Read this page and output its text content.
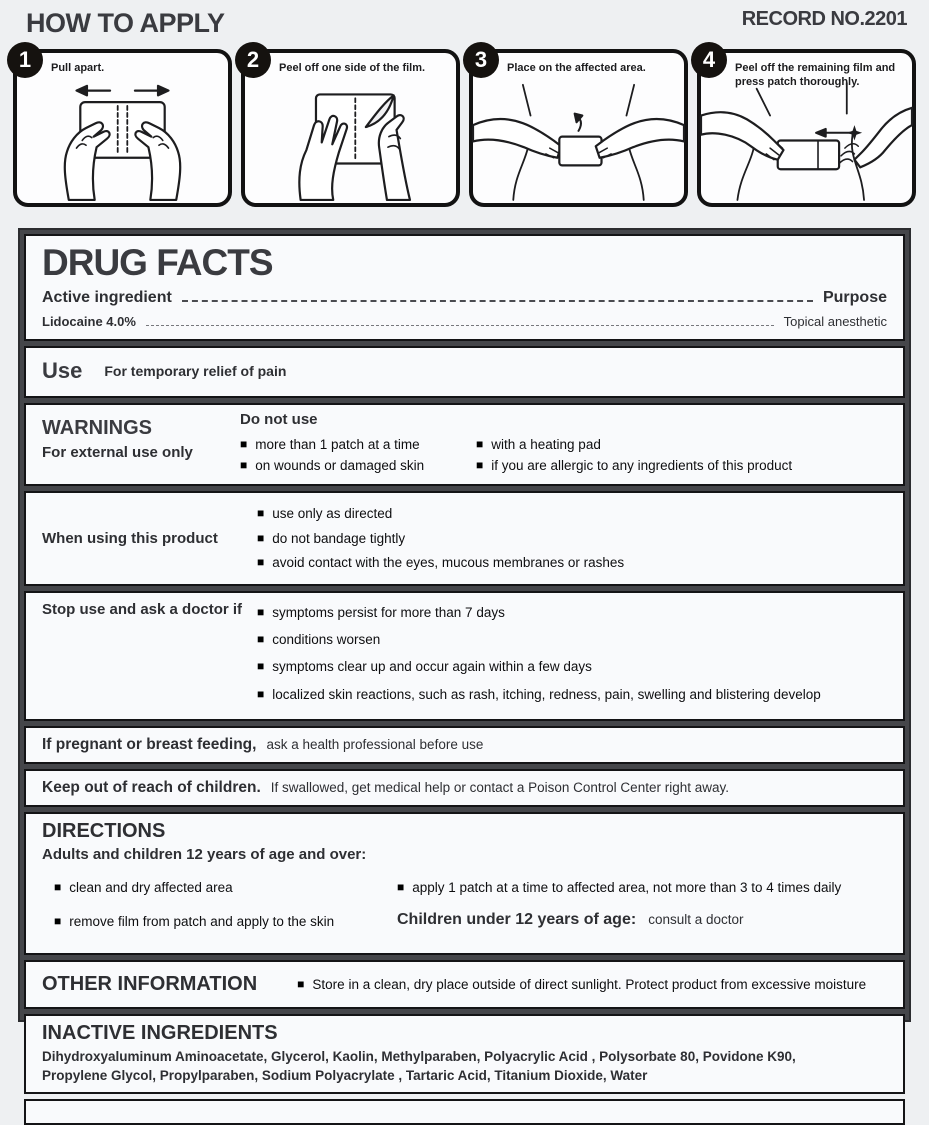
HOW TO APPLY	RECORD NO.2201
1	Pull apart.	2	Peel off one side of the film.	3	Place on the affected area.	4	Peel off the remaining film and press patch thoroughly.
DRUG FACTS
Active ingredient	Purpose
Lidocaine 4.0%	Topical anesthetic
Use For temporary relief of pain
WARNINGS
For external use only
Do not use
■ more than 1 patch at a time
■ on wounds or damaged skin
■ with a heating pad
■ if you are allergic to any ingredients of this product
When using this product
■ use only as directed
■ do not bandage tightly
■ avoid contact with the eyes, mucous membranes or rashes
Stop use and ask a doctor if	■ symptoms persist for more than 7 days
■ conditions worsen
■ symptoms clear up and occur again within a few days
■ localized skin reactions, such as rash, itching, redness, pain, swelling and blistering develop
If pregnant or breast feeding, ask a health professional before use
Keep out of reach of children. If swallowed, get medical help or contact a Poison Control Center right away.
DIRECTIONS
Adults and children 12 years of age and over:
■ clean and dry affected area
■ remove film from patch and apply to the skin
■ apply 1 patch at a time to affected area, not more than 3 to 4 times daily
Children under 12 years of age: consult a doctor
OTHER INFORMATION	■ Store in a clean, dry place outside of direct sunlight. Protect product from excessive moisture
INACTIVE INGREDIENTS
Dihydroxyaluminum Aminoacetate, Glycerol, Kaolin, Methylparaben, Polyacrylic Acid , Polysorbate 80, Povidone K90, Propylene Glycol, Propylparaben, Sodium Polyacrylate , Tartaric Acid, Titanium Dioxide, Water
